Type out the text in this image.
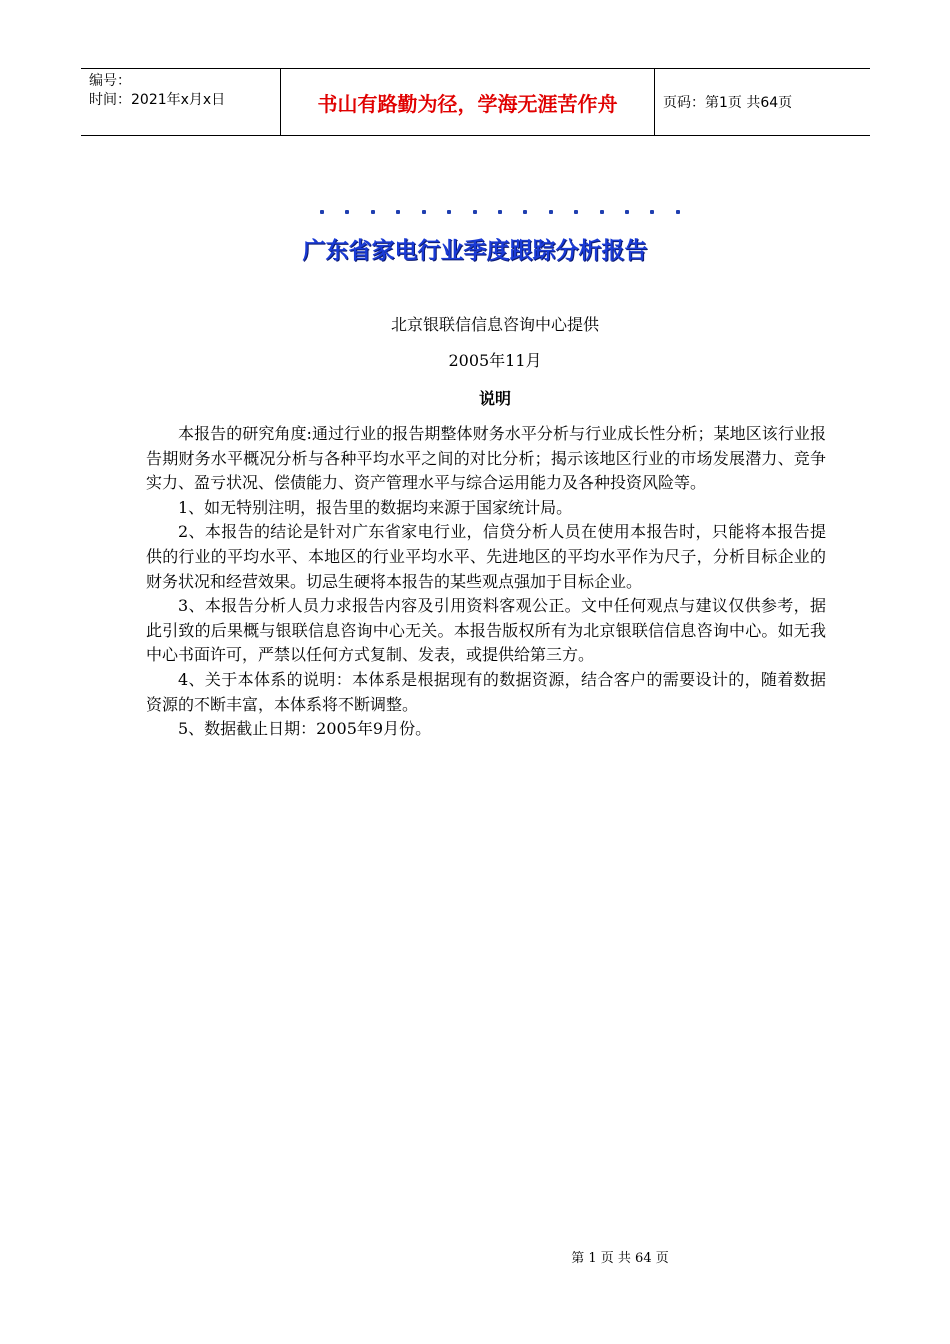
编号：
时间：2021年x月x日	书山有路勤为径，学海无涯苦作舟	页码：第1页 共64页
广东省家电行业季度跟踪分析报告
北京银联信信息咨询中心提供
2005年11月
说明

本报告的研究角度:通过行业的报告期整体财务水平分析与行业成长性分析；某地区该行业报告期财务水平概况分析与各种平均水平之间的对比分析；揭示该地区行业的市场发展潜力、竞争实力、盈亏状况、偿债能力、资产管理水平与综合运用能力及各种投资风险等。

1、如无特别注明，报告里的数据均来源于国家统计局。

2、本报告的结论是针对广东省家电行业，信贷分析人员在使用本报告时，只能将本报告提供的行业的平均水平、本地区的行业平均水平、先进地区的平均水平作为尺子，分析目标企业的财务状况和经营效果。切忌生硬将本报告的某些观点强加于目标企业。

3、本报告分析人员力求报告内容及引用资料客观公正。文中任何观点与建议仅供参考，据此引致的后果概与银联信息咨询中心无关。本报告版权所有为北京银联信信息咨询中心。如无我中心书面许可，严禁以任何方式复制、发表，或提供给第三方。

4、关于本体系的说明：本体系是根据现有的数据资源，结合客户的需要设计的，随着数据资源的不断丰富，本体系将不断调整。

5、数据截止日期：2005年9月份。

第 1 页 共 64 页
